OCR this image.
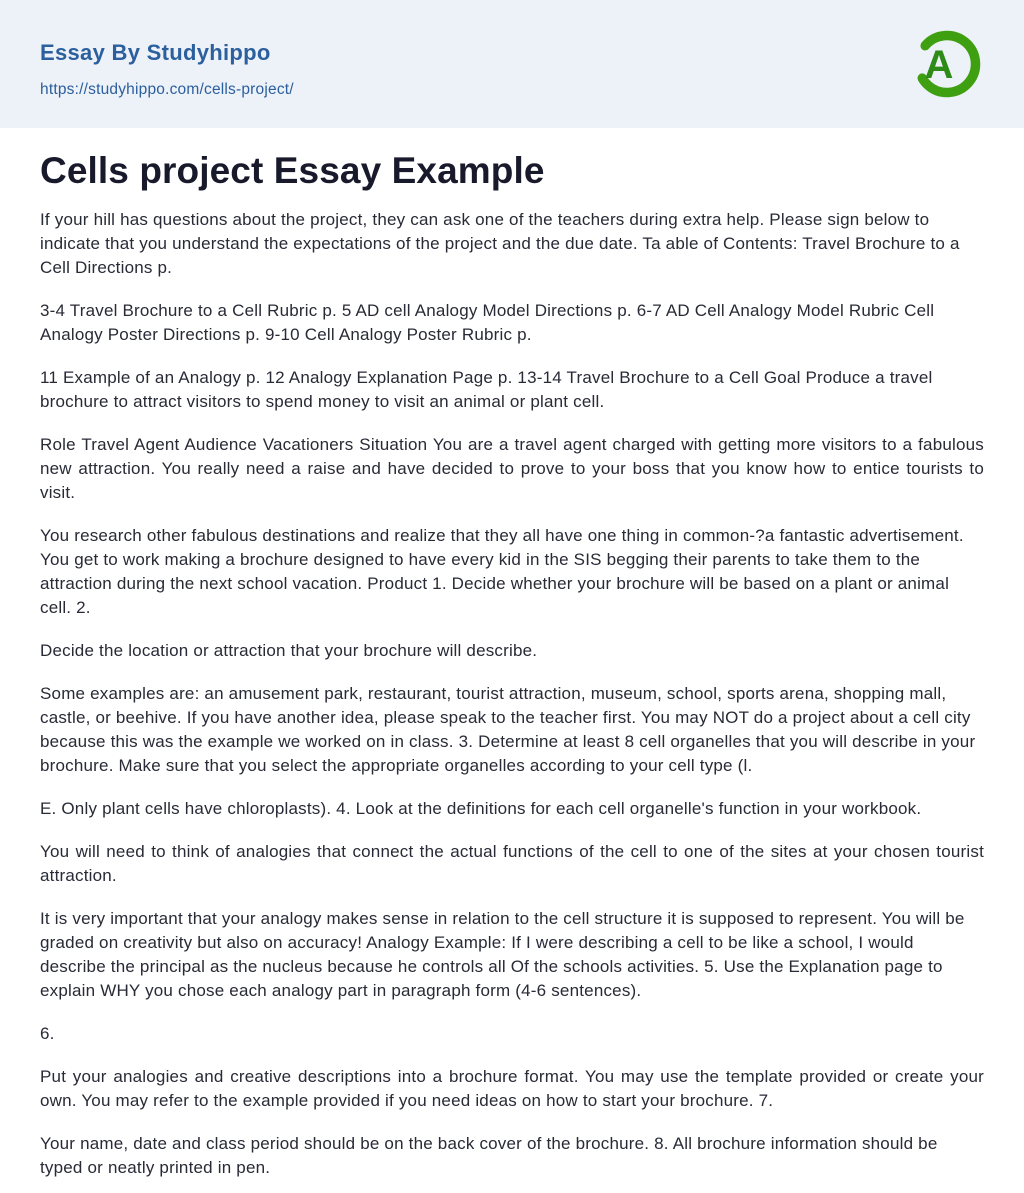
Essay By Studyhippo
https://studyhippo.com/cells-project/
A
Cells project Essay Example

If your hill has questions about the project, they can ask one of the teachers during extra help. Please sign below to indicate that you understand the expectations of the project and the due date. Ta able of Contents: Travel Brochure to a Cell Directions p.

3-4 Travel Brochure to a Cell Rubric p. 5 AD cell Analogy Model Directions p. 6-7 AD Cell Analogy Model Rubric Cell Analogy Poster Directions p. 9-10 Cell Analogy Poster Rubric p.

11 Example of an Analogy p. 12 Analogy Explanation Page p. 13-14 Travel Brochure to a Cell Goal Produce a travel brochure to attract visitors to spend money to visit an animal or plant cell.

Role Travel Agent Audience Vacationers Situation You are a travel agent charged with getting more visitors to a fabulous new attraction. You really need a raise and have decided to prove to your boss that you know how to entice tourists to visit.

You research other fabulous destinations and realize that they all have one thing in common-?a fantastic advertisement. You get to work making a brochure designed to have every kid in the SIS begging their parents to take them to the attraction during the next school vacation. Product 1. Decide whether your brochure will be based on a plant or animal cell. 2.

Decide the location or attraction that your brochure will describe.

Some examples are: an amusement park, restaurant, tourist attraction, museum, school, sports arena, shopping mall, castle, or beehive. If you have another idea, please speak to the teacher first. You may NOT do a project about a cell city because this was the example we worked on in class. 3. Determine at least 8 cell organelles that you will describe in your brochure. Make sure that you select the appropriate organelles according to your cell type (l.

E. Only plant cells have chloroplasts). 4. Look at the definitions for each cell organelle's function in your workbook.

You will need to think of analogies that connect the actual functions of the cell to one of the sites at your chosen tourist attraction.

It is very important that your analogy makes sense in relation to the cell structure it is supposed to represent. You will be graded on creativity but also on accuracy! Analogy Example: If I were describing a cell to be like a school, I would describe the principal as the nucleus because he controls all Of the schools activities. 5. Use the Explanation page to explain WHY you chose each analogy part in paragraph form (4-6 sentences).

6.

Put your analogies and creative descriptions into a brochure format. You may use the template provided or create your own. You may refer to the example provided if you need ideas on how to start your brochure. 7.

Your name, date and class period should be on the back cover of the brochure. 8. All brochure information should be typed or neatly printed in pen.
